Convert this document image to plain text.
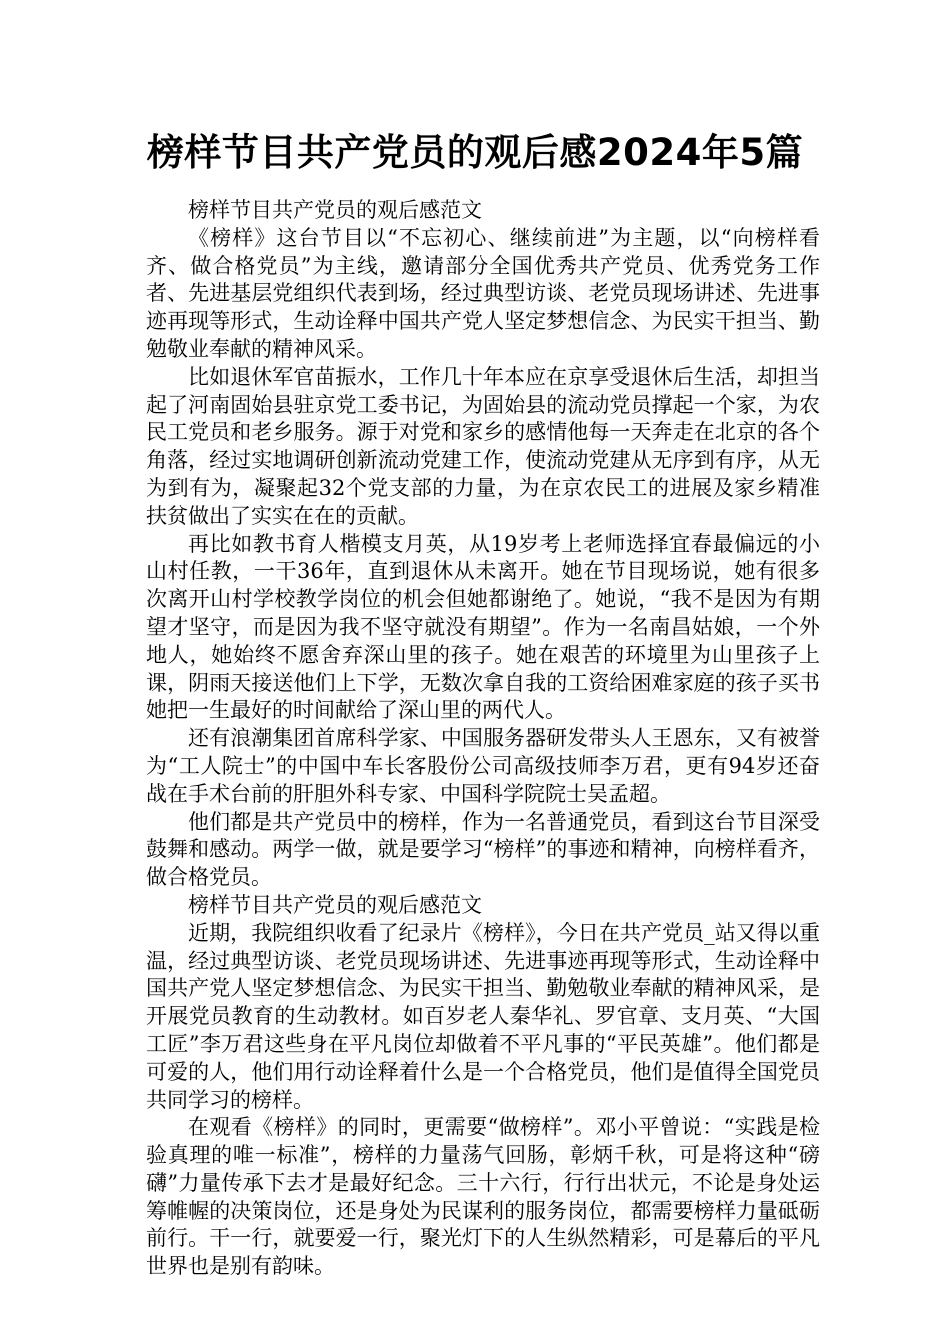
榜样节目共产党员的观后感2024年5篇

榜样节目共产党员的观后感范文

《榜样》这台节目以“不忘初心、继续前进”为主题，以“向榜样看齐、做合格党员”为主线，邀请部分全国优秀共产党员、优秀党务工作者、先进基层党组织代表到场，经过典型访谈、老党员现场讲述、先进事迹再现等形式，生动诠释中国共产党人坚定梦想信念、为民实干担当、勤勉敬业奉献的精神风采。

比如退休军官苗振水，工作几十年本应在京享受退休后生活，却担当起了河南固始县驻京党工委书记，为固始县的流动党员撑起一个家，为农民工党员和老乡服务。源于对党和家乡的感情他每一天奔走在北京的各个角落，经过实地调研创新流动党建工作，使流动党建从无序到有序，从无为到有为，凝聚起32个党支部的力量，为在京农民工的进展及家乡精准扶贫做出了实实在在的贡献。

再比如教书育人楷模支月英，从19岁考上老师选择宜春最偏远的小山村任教，一干36年，直到退休从未离开。她在节目现场说，她有很多次离开山村学校教学岗位的机会但她都谢绝了。她说，“我不是因为有期望才坚守，而是因为我不坚守就没有期望”。作为一名南昌姑娘，一个外地人，她始终不愿舍弃深山里的孩子。她在艰苦的环境里为山里孩子上课，阴雨天接送他们上下学，无数次拿自我的工资给困难家庭的孩子买书她把一生最好的时间献给了深山里的两代人。

还有浪潮集团首席科学家、中国服务器研发带头人王恩东，又有被誉为“工人院士”的中国中车长客股份公司高级技师李万君，更有94岁还奋战在手术台前的肝胆外科专家、中国科学院院士吴孟超。

他们都是共产党员中的榜样，作为一名普通党员，看到这台节目深受鼓舞和感动。两学一做，就是要学习“榜样”的事迹和精神，向榜样看齐，做合格党员。

榜样节目共产党员的观后感范文

近期，我院组织收看了纪录片《榜样》，今日在共产党员_站又得以重温，经过典型访谈、老党员现场讲述、先进事迹再现等形式，生动诠释中国共产党人坚定梦想信念、为民实干担当、勤勉敬业奉献的精神风采，是开展党员教育的生动教材。如百岁老人秦华礼、罗官章、支月英、“大国工匠”李万君这些身在平凡岗位却做着不平凡事的“平民英雄”。他们都是可爱的人，他们用行动诠释着什么是一个合格党员，他们是值得全国党员共同学习的榜样。

在观看《榜样》的同时，更需要“做榜样”。邓小平曾说：“实践是检验真理的唯一标准”，榜样的力量荡气回肠，彰炳千秋，可是将这种“磅礴”力量传承下去才是最好纪念。三十六行，行行出状元，不论是身处运筹帷幄的决策岗位，还是身处为民谋利的服务岗位，都需要榜样力量砥砺前行。干一行，就要爱一行，聚光灯下的人生纵然精彩，可是幕后的平凡世界也是别有韵味。
